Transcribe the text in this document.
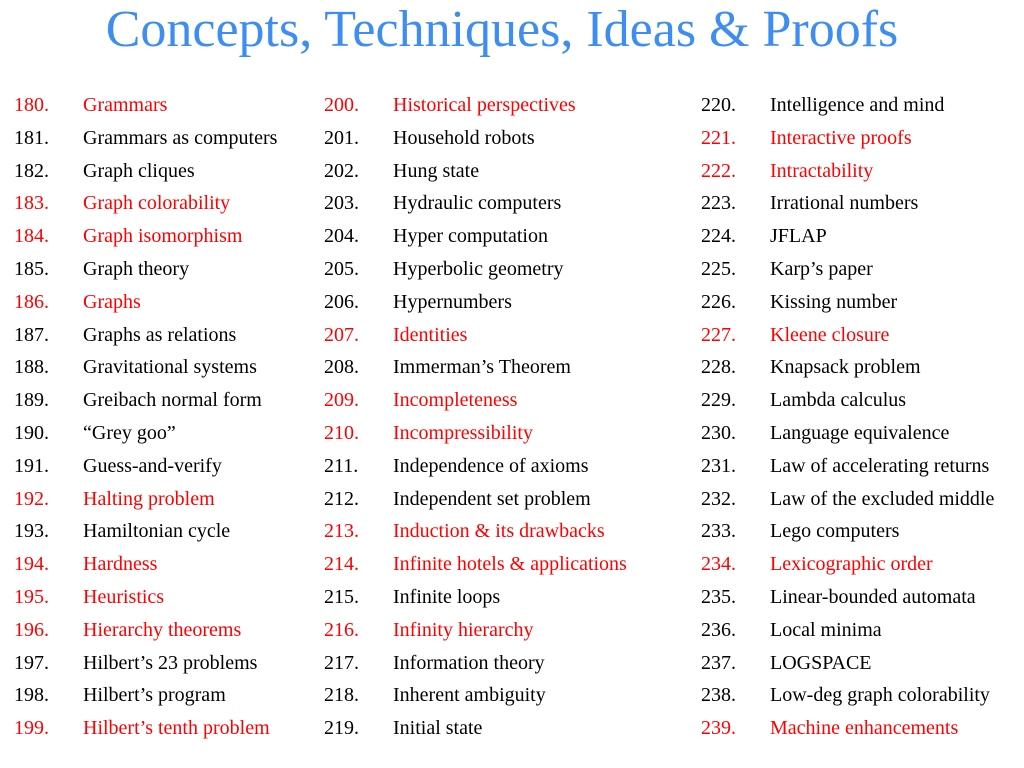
Concepts, Techniques, Ideas & Proofs
180. Grammars
181. Grammars as computers
182. Graph cliques
183. Graph colorability
184. Graph isomorphism
185. Graph theory
186. Graphs
187. Graphs as relations
188. Gravitational systems
189. Greibach normal form
190. “Grey goo”
191. Guess-and-verify
192. Halting problem
193. Hamiltonian cycle
194. Hardness
195. Heuristics
196. Hierarchy theorems
197. Hilbert’s 23 problems
198. Hilbert’s program
199. Hilbert’s tenth problem
200. Historical perspectives
201. Household robots
202. Hung state
203. Hydraulic computers
204. Hyper computation
205. Hyperbolic geometry
206. Hypernumbers
207. Identities
208. Immerman’s Theorem
209. Incompleteness
210. Incompressibility
211. Independence of axioms
212. Independent set problem
213. Induction & its drawbacks
214. Infinite hotels & applications
215. Infinite loops
216. Infinity hierarchy
217. Information theory
218. Inherent ambiguity
219. Initial state
220. Intelligence and mind
221. Interactive proofs
222. Intractability
223. Irrational numbers
224. JFLAP
225. Karp’s paper
226. Kissing number
227. Kleene closure
228. Knapsack problem
229. Lambda calculus
230. Language equivalence
231. Law of accelerating returns
232. Law of the excluded middle
233. Lego computers
234. Lexicographic order
235. Linear-bounded automata
236. Local minima
237. LOGSPACE
238. Low-deg graph colorability
239. Machine enhancements
